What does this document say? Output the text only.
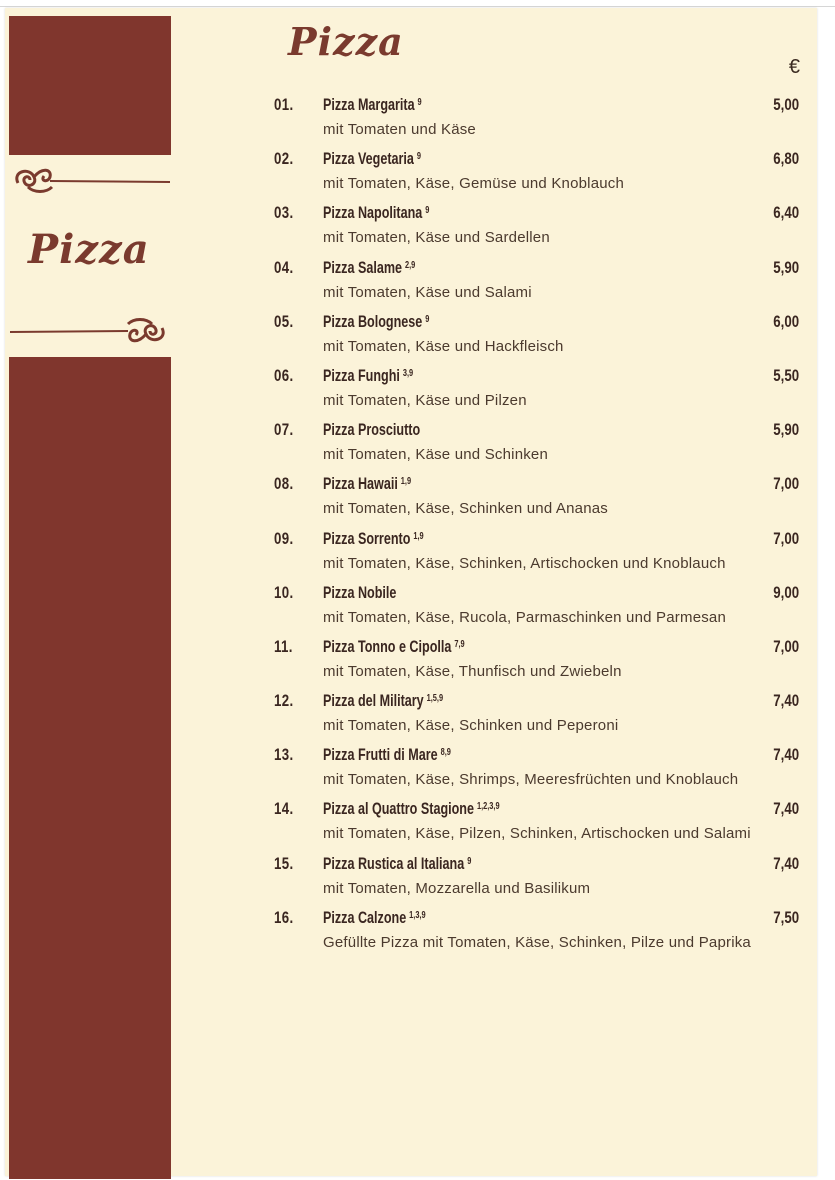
Pizza
Pizza
€
01.	Pizza Margarita $^9$	5,00
mit Tomaten und Käse
02.	Pizza Vegetaria $^9$	6,80
mit Tomaten, Käse, Gemüse und Knoblauch
03.	Pizza Napolitana $^9$	6,40
mit Tomaten, Käse und Sardellen
04.	Pizza Salame $^{2,9}$	5,90
mit Tomaten, Käse und Salami
05.	Pizza Bolognese $^9$	6,00
mit Tomaten, Käse und Hackfleisch
06.	Pizza Funghi $^{3,9}$	5,50
mit Tomaten, Käse und Pilzen
07.	Pizza Prosciutto	5,90
mit Tomaten, Käse und Schinken
08.	Pizza Hawaii $^{1,9}$	7,00
mit Tomaten, Käse, Schinken und Ananas
09.	Pizza Sorrento $^{1,9}$	7,00
mit Tomaten, Käse, Schinken, Artischocken und Knoblauch
10.	Pizza Nobile	9,00
mit Tomaten, Käse, Rucola, Parmaschinken und Parmesan
11.	Pizza Tonno e Cipolla $^{7,9}$	7,00
mit Tomaten, Käse, Thunfisch und Zwiebeln
12.	Pizza del Military $^{1,5,9}$	7,40
mit Tomaten, Käse, Schinken und Peperoni
13.	Pizza Frutti di Mare $^{8,9}$	7,40
mit Tomaten, Käse, Shrimps, Meeresfrüchten und Knoblauch
14.	Pizza al Quattro Stagione $^{1,2,3,9}$	7,40
mit Tomaten, Käse, Pilzen, Schinken, Artischocken und Salami
15.	Pizza Rustica al Italiana $^9$	7,40
mit Tomaten, Mozzarella und Basilikum
16.	Pizza Calzone $^{1,3,9}$	7,50
Gefüllte Pizza mit Tomaten, Käse, Schinken, Pilze und Paprika
